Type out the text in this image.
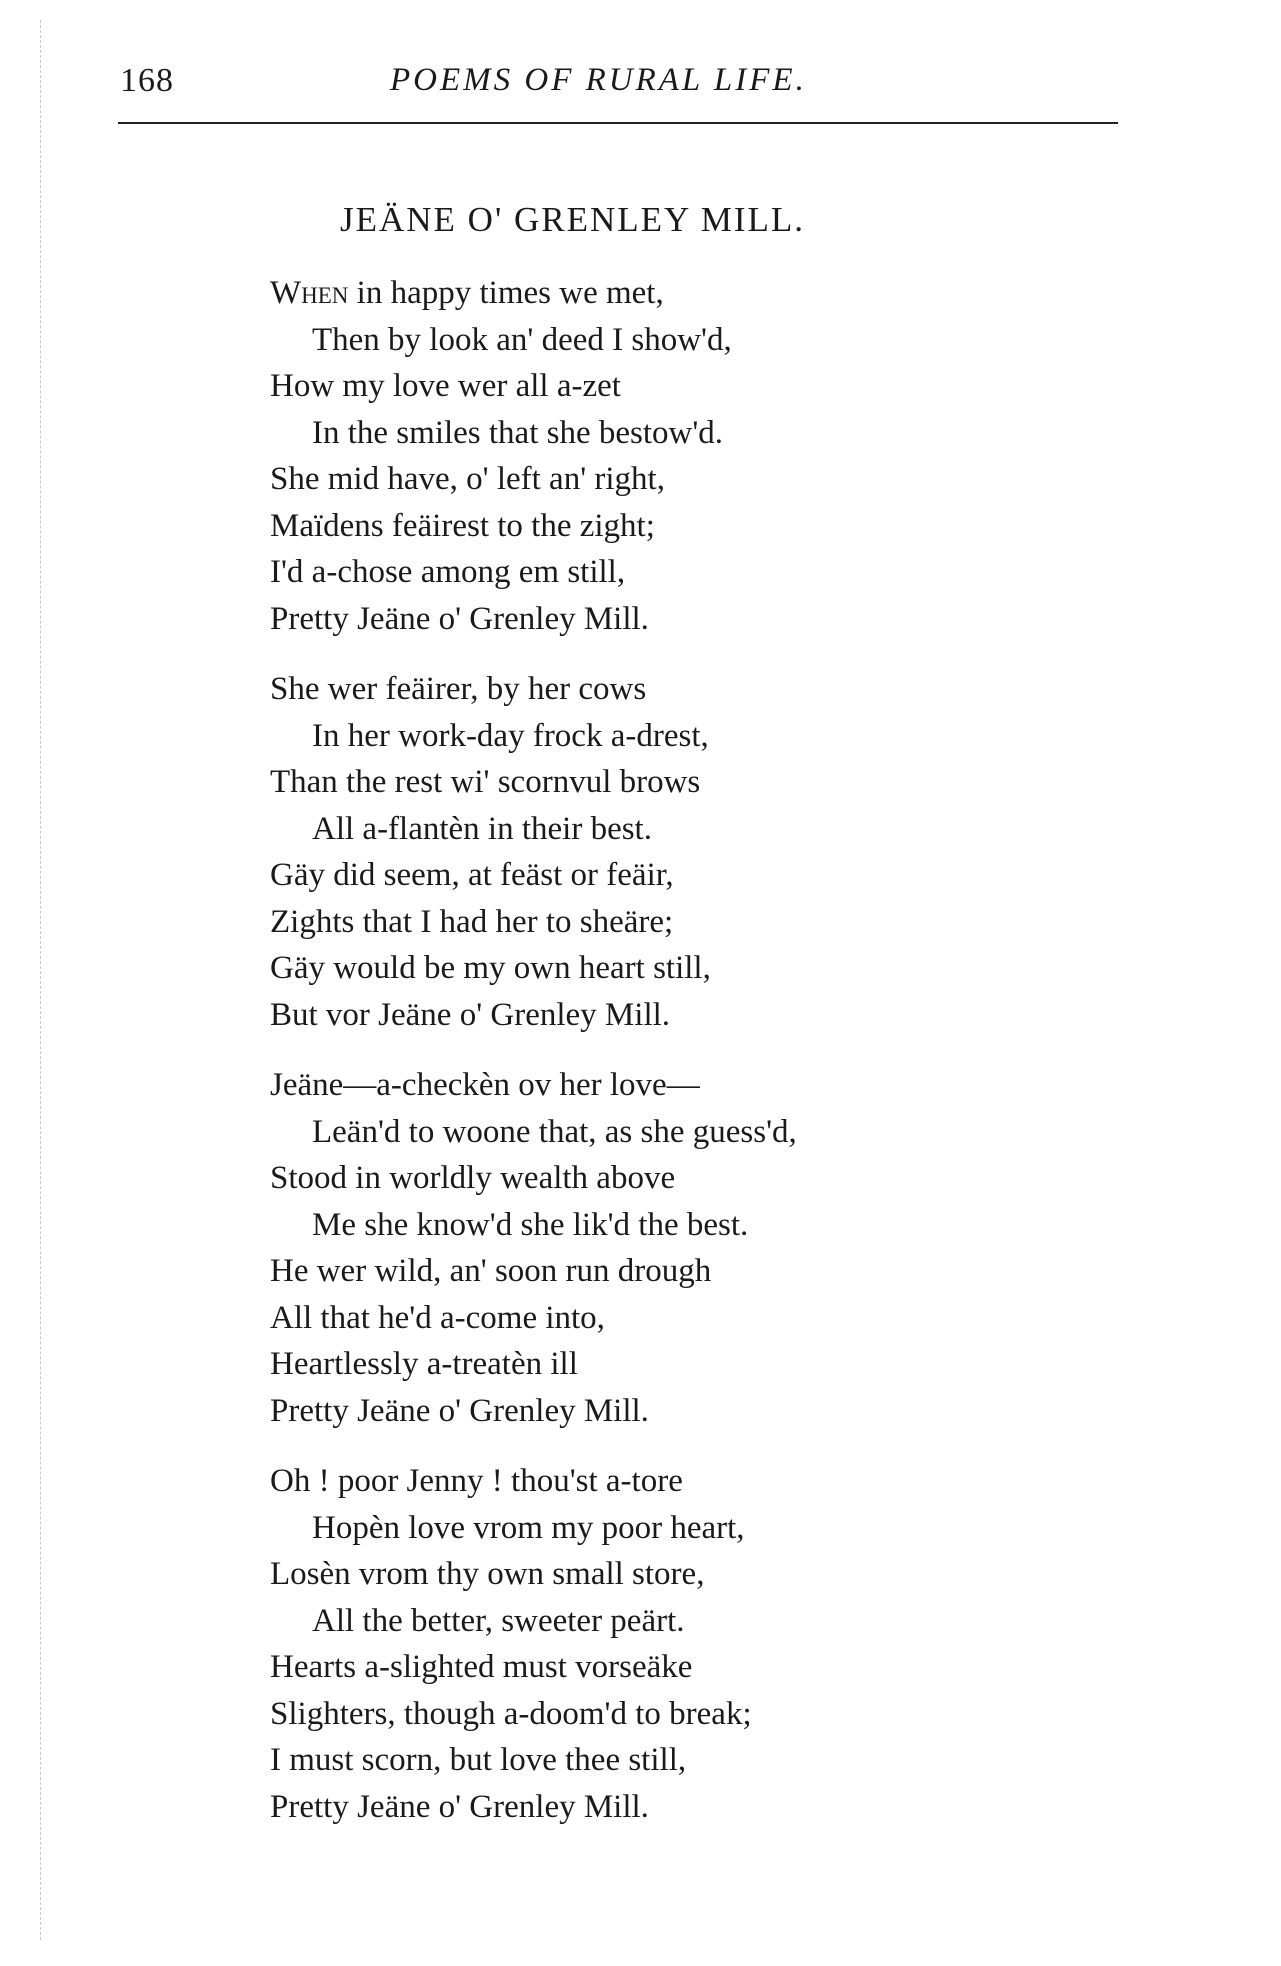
168	POEMS OF RURAL LIFE.
JEÄNE O' GRENLEY MILL.
When in happy times we met,
Then by look an' deed I show'd,
How my love wer all a-zet
In the smiles that she bestow'd.
She mid have, o' left an' right,
Maïdens feäirest to the zight;
I'd a-chose among em still,
Pretty Jeäne o' Grenley Mill.
She wer feäirer, by her cows
In her work-day frock a-drest,
Than the rest wi' scornvul brows
All a-flantèn in their best.
Gäy did seem, at feäst or feäir,
Zights that I had her to sheäre;
Gäy would be my own heart still,
But vor Jeäne o' Grenley Mill.
Jeäne—a-checkèn ov her love—
Leän'd to woone that, as she guess'd,
Stood in worldly wealth above
Me she know'd she lik'd the best.
He wer wild, an' soon run drough
All that he'd a-come into,
Heartlessly a-treatèn ill
Pretty Jeäne o' Grenley Mill.
Oh ! poor Jenny ! thou'st a-tore
Hopèn love vrom my poor heart,
Losèn vrom thy own small store,
All the better, sweeter peärt.
Hearts a-slighted must vorseäke
Slighters, though a-doom'd to break;
I must scorn, but love thee still,
Pretty Jeäne o' Grenley Mill.
